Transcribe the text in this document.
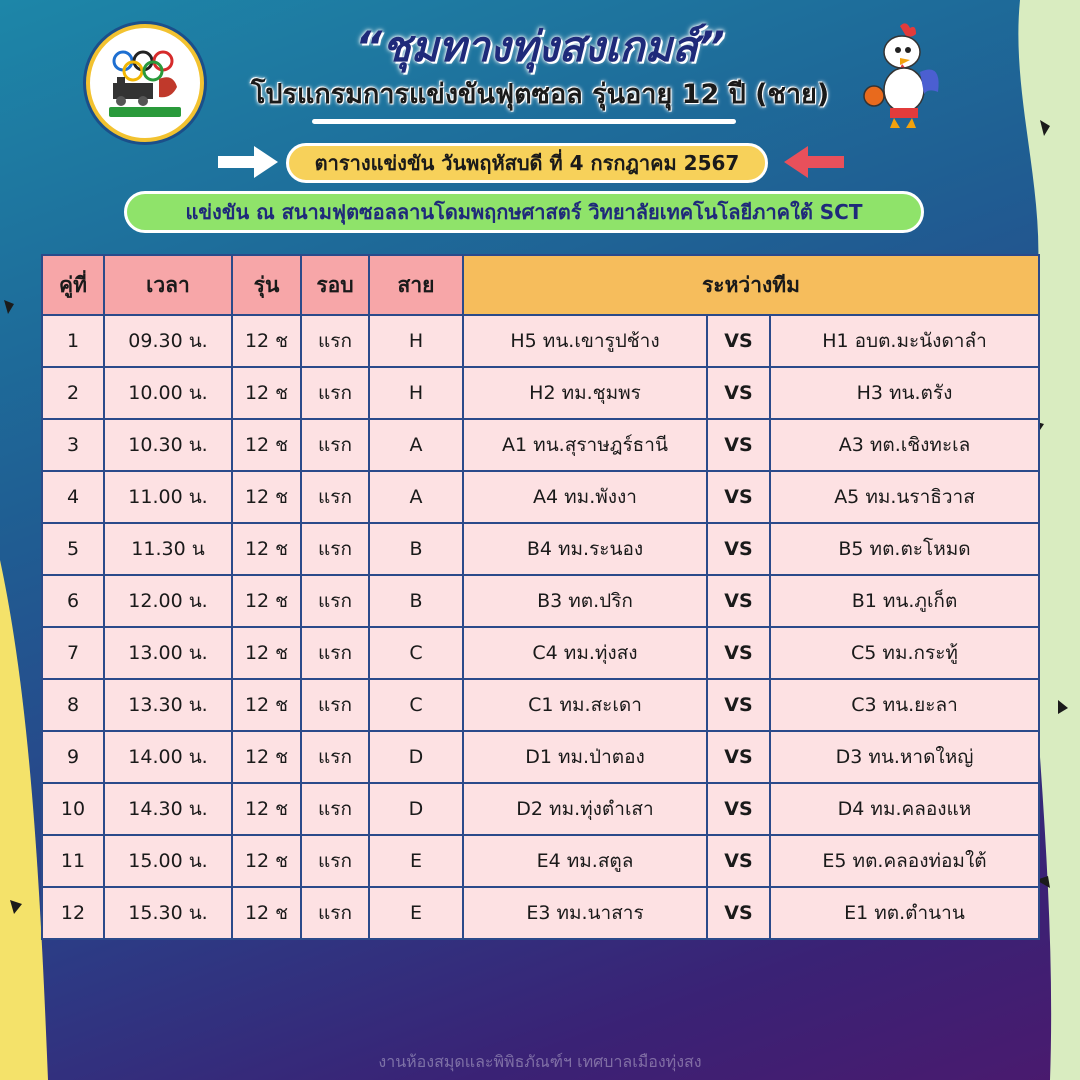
“ชุมทางทุ่งสงเกมส์”
โปรแกรมการแข่งขันฟุตซอล รุ่นอายุ 12 ปี (ชาย)
ตารางแข่งขัน วันพฤหัสบดี ที่ 4 กรกฎาคม 2567
แข่งขัน ณ สนามฟุตซอลลานโดมพฤกษศาสตร์ วิทยาลัยเทคโนโลยีภาคใต้ SCT
คู่ที่	เวลา	รุ่น	รอบ	สาย	ระหว่างทีม		
1	09.30 น.	12 ช	แรก	H	H5 ทน.เขารูปช้าง	VS	H1 อบต.มะนังดาลำ
2	10.00 น.	12 ช	แรก	H	H2 ทม.ชุมพร	VS	H3 ทน.ตรัง
3	10.30 น.	12 ช	แรก	A	A1 ทน.สุราษฎร์ธานี	VS	A3 ทต.เชิงทะเล
4	11.00 น.	12 ช	แรก	A	A4 ทม.พังงา	VS	A5 ทม.นราธิวาส
5	11.30 น	12 ช	แรก	B	B4 ทม.ระนอง	VS	B5 ทต.ตะโหมด
6	12.00 น.	12 ช	แรก	B	B3 ทต.ปริก	VS	B1 ทน.ภูเก็ต
7	13.00 น.	12 ช	แรก	C	C4 ทม.ทุ่งสง	VS	C5 ทม.กระทู้
8	13.30 น.	12 ช	แรก	C	C1 ทม.สะเดา	VS	C3 ทน.ยะลา
9	14.00 น.	12 ช	แรก	D	D1 ทม.ป่าตอง	VS	D3 ทน.หาดใหญ่
10	14.30 น.	12 ช	แรก	D	D2 ทม.ทุ่งตำเสา	VS	D4 ทม.คลองแห
11	15.00 น.	12 ช	แรก	E	E4 ทม.สตูล	VS	E5 ทต.คลองท่อมใต้
12	15.30 น.	12 ช	แรก	E	E3 ทม.นาสาร	VS	E1 ทต.ตำนาน
งานห้องสมุดและพิพิธภัณฑ์ฯ เทศบาลเมืองทุ่งสง
